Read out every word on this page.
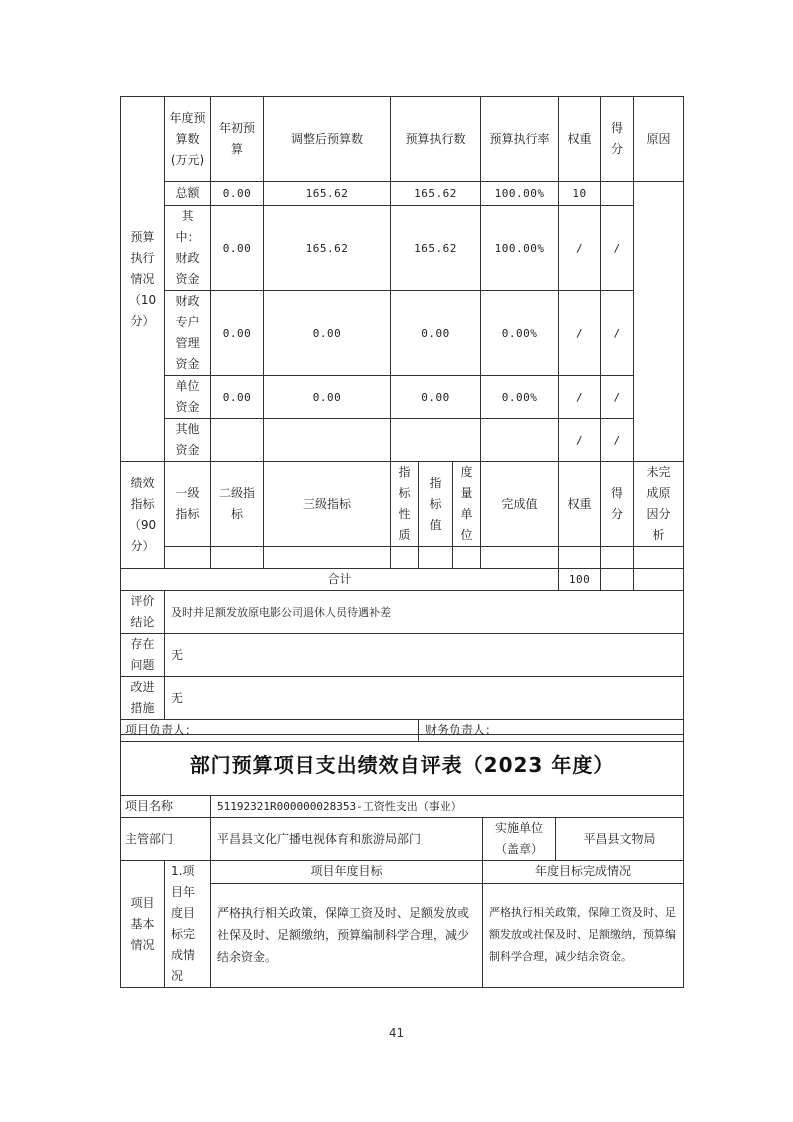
预算执行情况（10分）	年度预算数(万元)	年初预算	调整后预算数	预算执行数			预算执行率	权重	得分	原因
	总额	0.00	165.62	165.62			100.00%	10		
	其中：财政资金	0.00	165.62	165.62			100.00%	/	/	
	财政专户管理资金	0.00	0.00	0.00			0.00%	/	/	
	单位资金	0.00	0.00	0.00			0.00%	/	/	
	其他资金							/	/	
绩效指标（90分）	一级指标	二级指标	三级指标	指标性质	指标值	度量单位	完成值	权重	得分	未完成原因分析

合计								100		
评价结论	及时并足额发放原电影公司退休人员待遇补差									
存在问题	无									
改进措施	无									
项目负责人：					财务负责人：					
部门预算项目支出绩效自评表（2023 年度）				
项目名称		51192321R000000028353-工资性支出（事业）		
主管部门		平昌县文化广播电视体育和旅游局部门	实施单位（盖章）	平昌县文物局
项目基本情况	1.项目年度目标完成情况	项目年度目标	年度目标完成情况	
		严格执行相关政策，保障工资及时、足额发放或社保及时、足额缴纳，预算编制科学合理，减少结余资金。	严格执行相关政策，保障工资及时、足额发放或社保及时、足额缴纳，预算编制科学合理，减少结余资金。	
41
